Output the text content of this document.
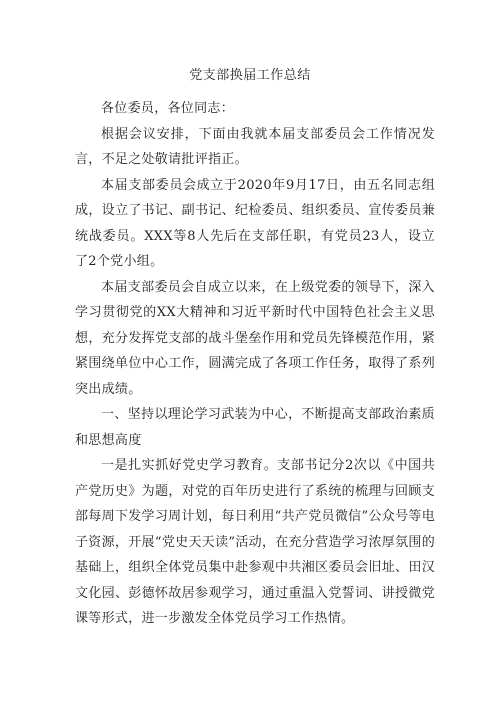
党支部换届工作总结

各位委员，各位同志：

根据会议安排，下面由我就本届支部委员会工作情况发言，不足之处敬请批评指正。

本届支部委员会成立于2020年9月17日，由五名同志组成，设立了书记、副书记、纪检委员、组织委员、宣传委员兼统战委员。XXX等8人先后在支部任职，有党员23人，设立了2个党小组。

本届支部委员会自成立以来，在上级党委的领导下，深入学习贯彻党的XX大精神和习近平新时代中国特色社会主义思想，充分发挥党支部的战斗堡垒作用和党员先锋模范作用，紧紧围绕单位中心工作，圆满完成了各项工作任务，取得了系列突出成绩。

一、坚持以理论学习武装为中心，不断提高支部政治素质和思想高度

一是扎实抓好党史学习教育。支部书记分2次以《中国共产党历史》为题，对党的百年历史进行了系统的梳理与回顾支部每周下发学习周计划，每日利用“共产党员微信”公众号等电子资源，开展“党史天天读”活动，在充分营造学习浓厚氛围的基础上，组织全体党员集中赴参观中共湘区委员会旧址、田汉文化园、彭德怀故居参观学习，通过重温入党誓词、讲授微党课等形式，进一步激发全体党员学习工作热情。
